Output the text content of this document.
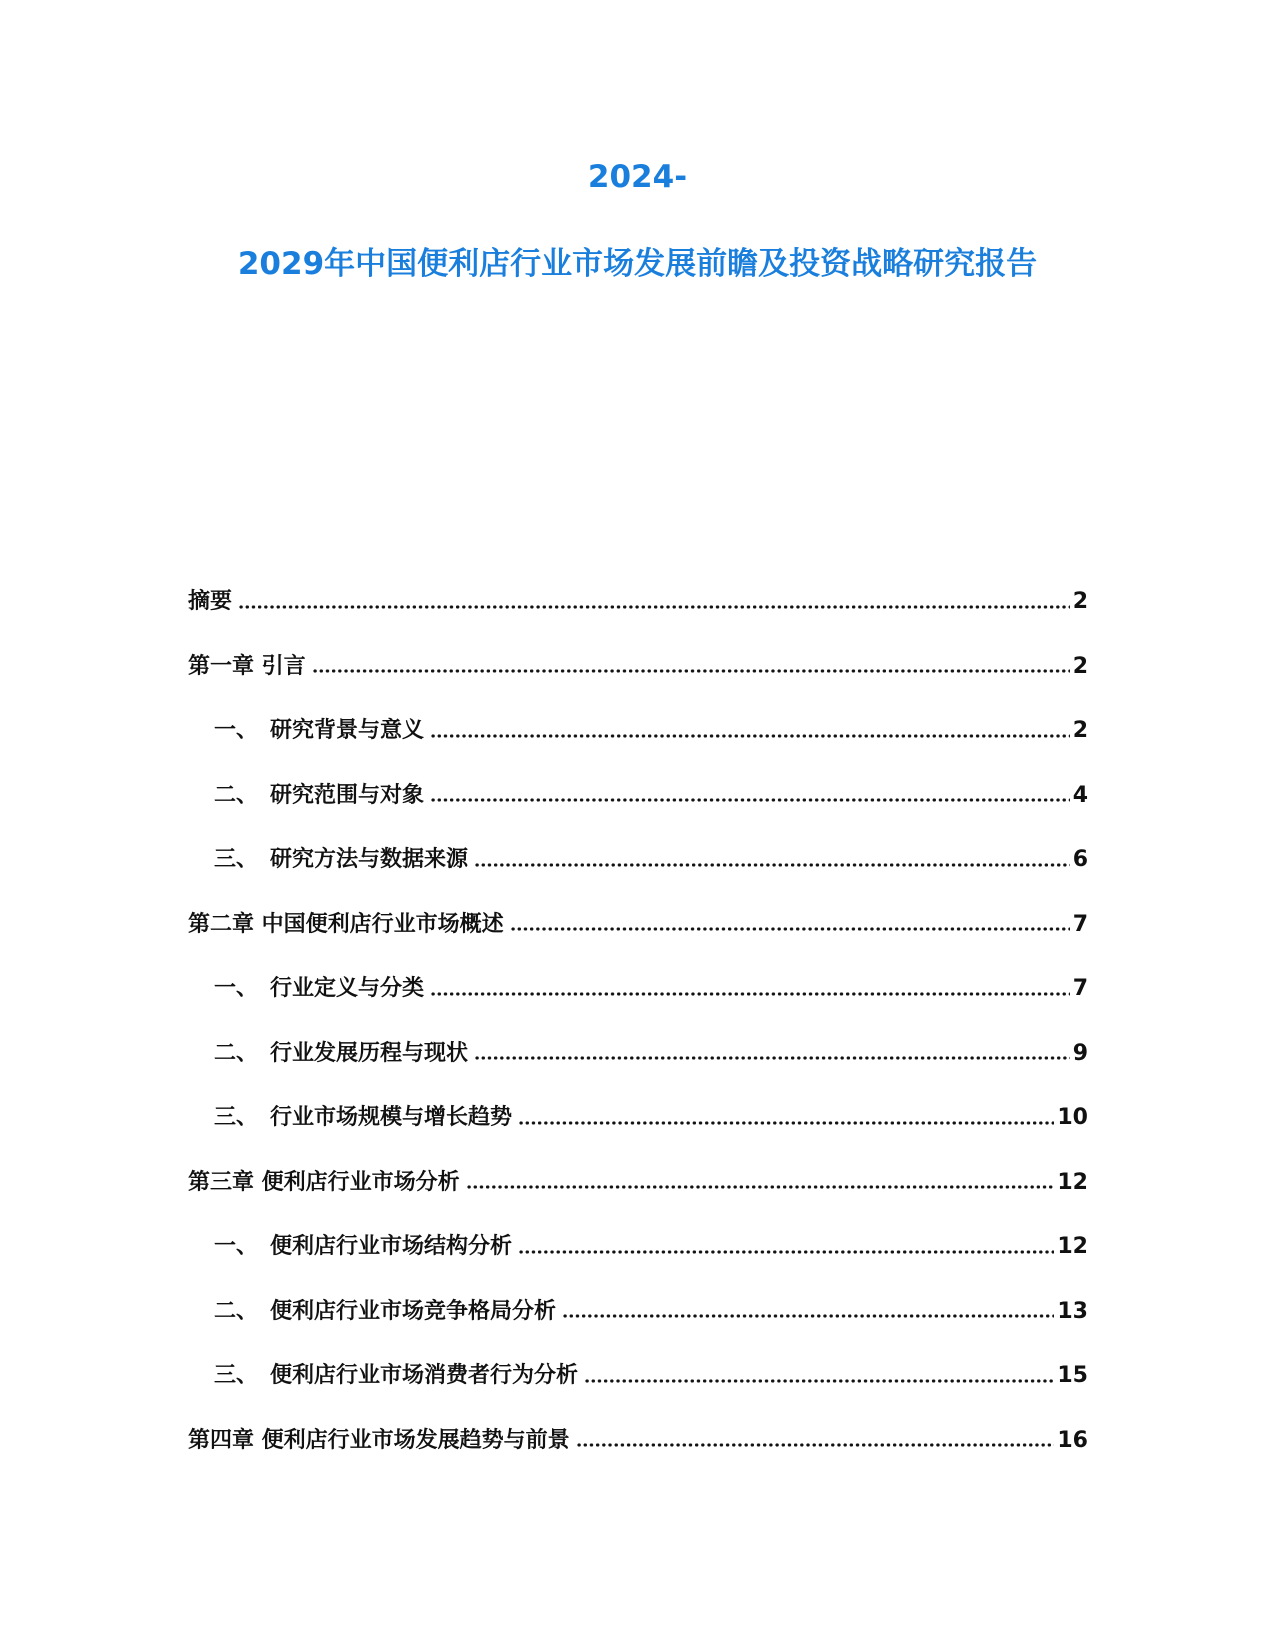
2024-
2029年中国便利店行业市场发展前瞻及投资战略研究报告
摘要	2
第一章 引言	2
一、 研究背景与意义	2
二、 研究范围与对象	4
三、 研究方法与数据来源	6
第二章 中国便利店行业市场概述	7
一、 行业定义与分类	7
二、 行业发展历程与现状	9
三、 行业市场规模与增长趋势	10
第三章 便利店行业市场分析	12
一、 便利店行业市场结构分析	12
二、 便利店行业市场竞争格局分析	13
三、 便利店行业市场消费者行为分析	15
第四章 便利店行业市场发展趋势与前景	16
